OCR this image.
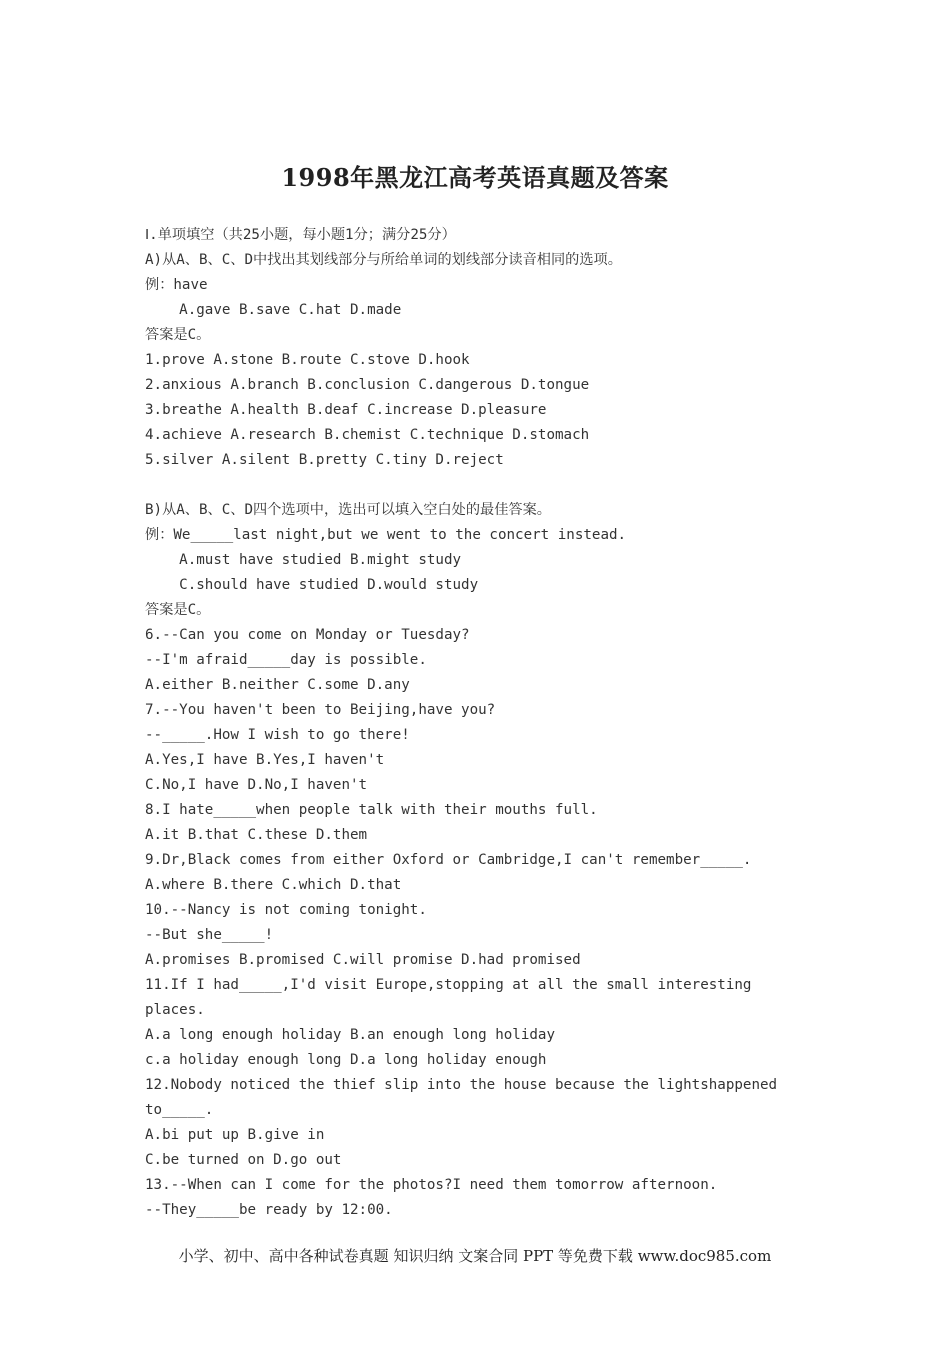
1998年黑龙江高考英语真题及答案
Ⅰ.单项填空（共25小题，每小题1分；满分25分）
A)从A、B、C、D中找出其划线部分与所给单词的划线部分读音相同的选项。
例：have
A.gave B.save C.hat D.made
答案是C。
1.prove A.stone B.route C.stove D.hook
2.anxious A.branch B.conclusion C.dangerous D.tongue
3.breathe A.health B.deaf C.increase D.pleasure
4.achieve A.research B.chemist C.technique D.stomach
5.silver A.silent B.pretty C.tiny D.reject
B)从A、B、C、D四个选项中，选出可以填入空白处的最佳答案。
例：We_____last night,but we went to the concert instead.
A.must have studied B.might study
C.should have studied D.would study
答案是C。
6.--Can you come on Monday or Tuesday?
--I'm afraid_____day is possible.
A.either B.neither C.some D.any
7.--You haven't been to Beijing,have you?
--_____.How I wish to go there!
A.Yes,I have B.Yes,I haven't
C.No,I have D.No,I haven't
8.I hate_____when people talk with their mouths full.
A.it B.that C.these D.them
9.Dr,Black comes from either Oxford or Cambridge,I can't remember_____.
A.where B.there C.which D.that
10.--Nancy is not coming tonight.
--But she_____!
A.promises B.promised C.will promise D.had promised
11.If I had_____,I'd visit Europe,stopping at all the small interesting
places.
A.a long enough holiday B.an enough long holiday
c.a holiday enough long D.a long holiday enough
12.Nobody noticed the thief slip into the house because the lightshappened
to_____.
A.bi put up B.give in
C.be turned on D.go out
13.--When can I come for the photos?I need them tomorrow afternoon.
--They_____be ready by 12:00.
小学、初中、高中各种试卷真题 知识归纳 文案合同 PPT 等免费下载 www.doc985.com
